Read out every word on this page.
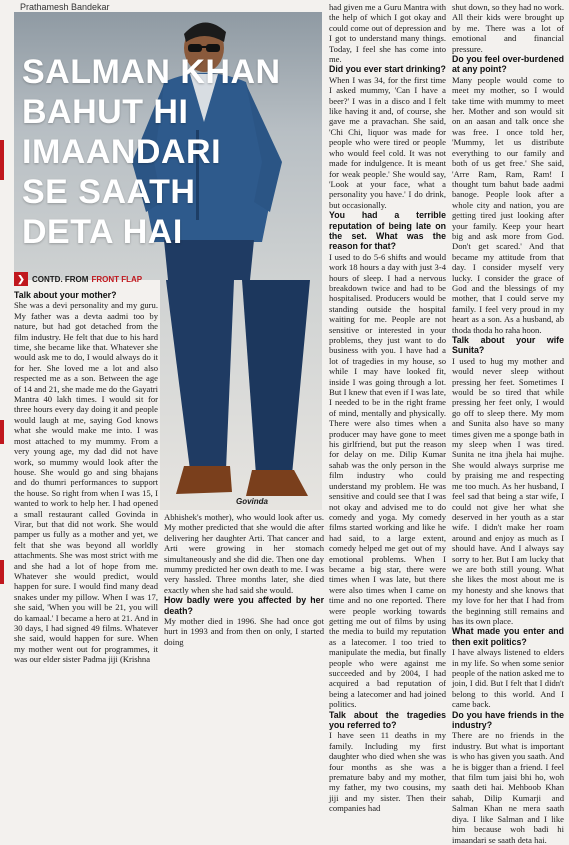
Prathamesh Bandekar
SALMAN KHAN
BAHUT HI
IMAANDARI
SE SAATH
DETA HAI
❯ CONTD. FROM FRONT FLAP
Govinda
Talk about your mother?

She was a devi personality and my guru. My father was a devta aadmi too by nature, but had got detached from the film industry. He felt that due to his hard time, she became like that. Whatever she would ask me to do, I would always do it for her. She loved me a lot and also respected me as a son. Between the age of 14 and 21, she made me do the Gayatri Mantra 40 lakh times. I would sit for three hours every day doing it and people would laugh at me, saying God knows what she would make me into. I was most attached to my mummy. From a very young age, my dad did not have work, so mummy would look after the house. She would go and sing bhajans and do thumri performances to support the house. So right from when I was 15, I wanted to work to help her. I had opened a small restaurant called Govinda in Virar, but that did not work. She would pamper us fully as a mother and yet, we felt that she was beyond all worldly attachments. She was most strict with me and she had a lot of hope from me. Whatever she would predict, would happen for sure. I would find many dead snakes under my pillow. When I was 17, she said, 'When you will be 21, you will do kamaal.' I became a hero at 21. And in 30 days, I had signed 49 films. Whatever she said, would happen for sure. When my mother went out for programmes, it was our elder sister Padma jiji (Krishna

Abhishek's mother), who would look after us. My mother predicted that she would die after delivering her daughter Arti. That cancer and Arti were growing in her stomach simultaneously and she did die. Then one day mummy predicted her own death to me. I was very hassled. Three months later, she died exactly when she had said she would.

How badly were you affected by her death?

My mother died in 1996. She had once got hurt in 1993 and from then on only, I started doing

had given me a Guru Mantra with the help of which I got okay and could come out of depression and I got to understand many things. Today, I feel she has come into me.

Did you ever start drinking?

When I was 34, for the first time I asked mummy, 'Can I have a beer?' I was in a disco and I felt like having it and, of course, she gave me a pravachan. She said, 'Chi Chi, liquor was made for people who were tired or people who would feel cold. It was not made for indulgence. It is meant for weak people.' She would say, 'Look at your face, what a personality you have.' I do drink, but occasionally.

You had a terrible reputation of being late on the set. What was the reason for that?

I used to do 5-6 shifts and would work 18 hours a day with just 3-4 hours of sleep. I had a nervous breakdown twice and had to be hospitalised. Producers would be standing outside the hospital waiting for me. People are not sensitive or interested in your problems, they just want to do business with you. I have had a lot of tragedies in my house, so while I may have looked fit, inside I was going through a lot. But I knew that even if I was late, I needed to be in the right frame of mind, mentally and physically. There were also times when a producer may have gone to meet his girlfriend, but put the reason for delay on me. Dilip Kumar sahab was the only person in the film industry who could understand my problem. He was sensitive and could see that I was not okay and advised me to do comedy and yoga. My comedy films started working and like he had said, to a large extent, comedy helped me get out of my emotional problems. When I became a big star, there were times when I was late, but there were also times when I came on time and no one reported. There were people working towards getting me out of films by using the media to build my reputation as a latecomer. I too tried to manipulate the media, but finally people who were against me succeeded and by 2004, I had acquired a bad reputation of being a latecomer and had joined politics.

Talk about the tragedies you referred to?

I have seen 11 deaths in my family. Including my first daughter who died when she was four months as she was a premature baby and my mother, my father, my two cousins, my jiji and my sister. Then their companies had

shut down, so they had no work. All their kids were brought up by me. There was a lot of emotional and financial pressure.

Do you feel over-burdened at any point?

Many people would come to meet my mother, so I would take time with mummy to meet her. Mother and son would sit on an aasan and talk once she was free. I once told her, 'Mummy, let us distribute everything to our family and both of us get free.' She said, 'Arre Ram, Ram, Ram! I thought tum bahut bade aadmi banoge. People look after a whole city and nation, you are getting tired just looking after your family. Keep your heart big and ask more from God. Don't get scared.' And that became my attitude from that day. I consider myself very lucky. I consider the grace of God and the blessings of my mother, that I could serve my family. I feel very proud in my heart as a son. As a husband, ab thoda thoda ho raha hoon.

Talk about your wife Sunita?

I used to hug my mother and would never sleep without pressing her feet. Sometimes I would be so tired that while pressing her feet only, I would go off to sleep there. My mom and Sunita also have so many times given me a sponge bath in my sleep when I was tired. Sunita ne itna jhela hai mujhe. She would always surprise me by praising me and respecting me too much. As her husband, I feel sad that being a star wife, I could not give her what she deserved in her youth as a star wife. I didn't make her roam around and enjoy as much as I should have. And I always say sorry to her. But I am lucky that we are both still young. What she likes the most about me is my honesty and she knows that my love for her that I had from the beginning still remains and has its own place.

What made you enter and then exit politics?

I have always listened to elders in my life. So when some senior people of the nation asked me to join, I did. But I felt that I didn't belong to this world. And I came back.

Do you have friends in the industry?

There are no friends in the industry. But what is important is who has given you saath. And he is bigger than a friend. I feel that film tum jaisi bhi ho, woh saath deti hai. Mehboob Khan sahab, Dilip Kumarji and Salman Khan ne mera saath diya. I like Salman and I like him because woh badi hi imaandari se saath deta hai.
